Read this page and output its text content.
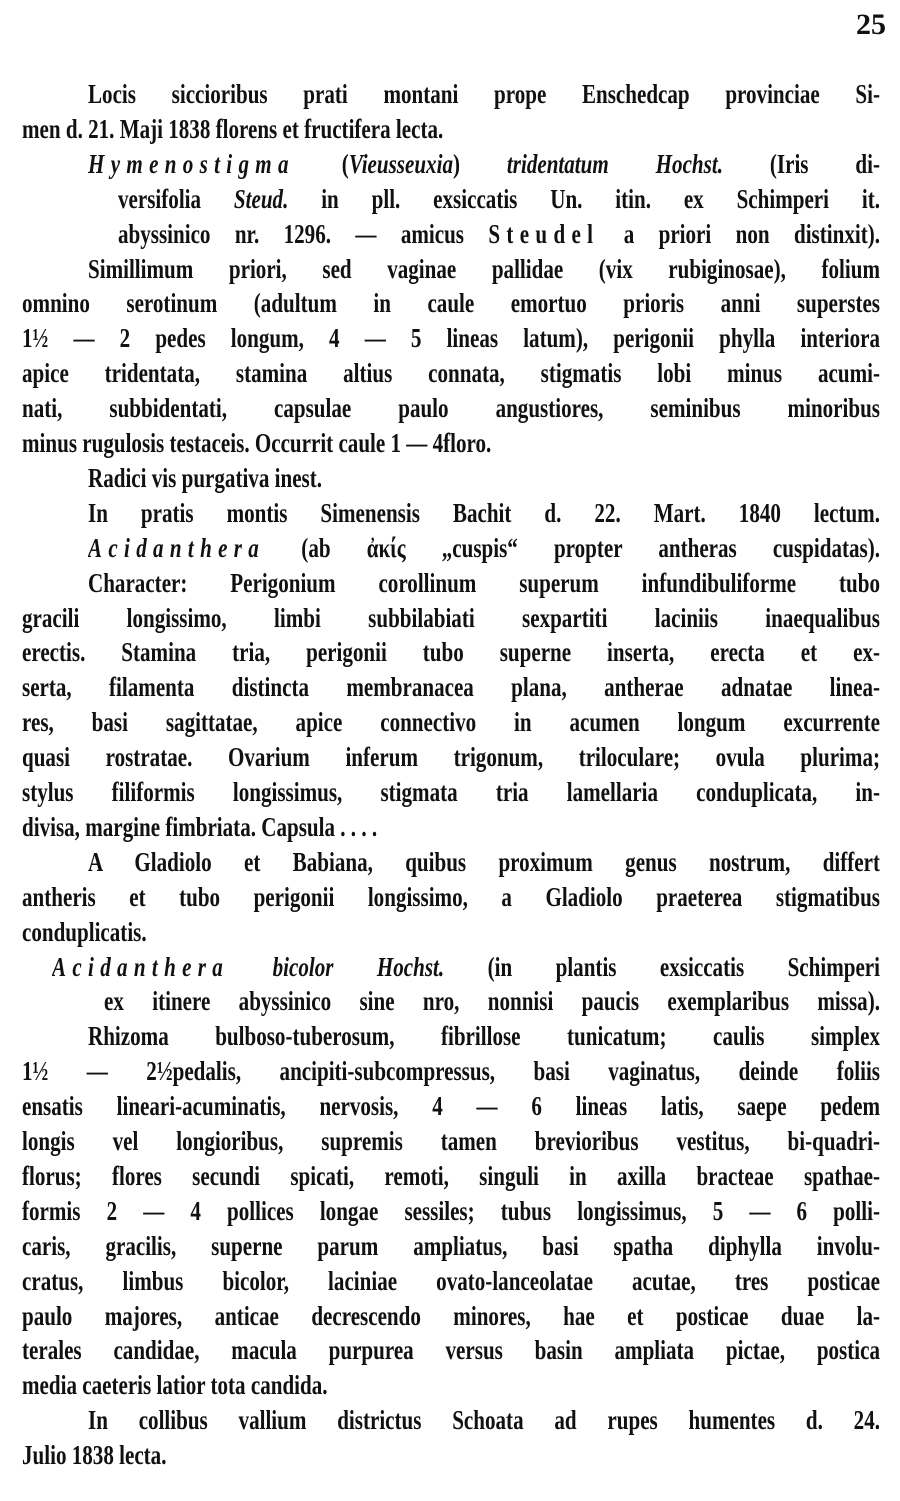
25
Locis siccioribus prati montani prope Enschedcap provinciae Si-
men d. 21. Maji 1838 florens et fructifera lecta.
Hymenostigma (Vieusseuxia) tridentatum Hochst. (Iris di-
versifolia Steud. in pll. exsiccatis Un. itin. ex Schimperi it.
abyssinico nr. 1296. — amicus Steudel a priori non distinxit).
Simillimum priori, sed vaginae pallidae (vix rubiginosae), folium
omnino serotinum (adultum in caule emortuo prioris anni superstes
1½ — 2 pedes longum, 4 — 5 lineas latum), perigonii phylla interiora
apice tridentata, stamina altius connata, stigmatis lobi minus acumi-
nati, subbidentati, capsulae paulo angustiores, seminibus minoribus
minus rugulosis testaceis. Occurrit caule 1 — 4floro.
Radici vis purgativa inest.
In pratis montis Simenensis Bachit d. 22. Mart. 1840 lectum.
Acidanthera (ab ἀκίς „cuspis“ propter antheras cuspidatas).
Character: Perigonium corollinum superum infundibuliforme tubo
gracili longissimo, limbi subbilabiati sexpartiti laciniis inaequalibus
erectis. Stamina tria, perigonii tubo superne inserta, erecta et ex-
serta, filamenta distincta membranacea plana, antherae adnatae linea-
res, basi sagittatae, apice connectivo in acumen longum excurrente
quasi rostratae. Ovarium inferum trigonum, triloculare; ovula plurima;
stylus filiformis longissimus, stigmata tria lamellaria conduplicata, in-
divisa, margine fimbriata. Capsula . . . .
A Gladiolo et Babiana, quibus proximum genus nostrum, differt
antheris et tubo perigonii longissimo, a Gladiolo praeterea stigmatibus
conduplicatis.
Acidanthera bicolor Hochst. (in plantis exsiccatis Schimperi
ex itinere abyssinico sine nro, nonnisi paucis exemplaribus missa).
Rhizoma bulboso-tuberosum, fibrillose tunicatum; caulis simplex
1½ — 2½pedalis, ancipiti-subcompressus, basi vaginatus, deinde foliis
ensatis lineari-acuminatis, nervosis, 4 — 6 lineas latis, saepe pedem
longis vel longioribus, supremis tamen brevioribus vestitus, bi-quadri-
florus; flores secundi spicati, remoti, singuli in axilla bracteae spathae-
formis 2 — 4 pollices longae sessiles; tubus longissimus, 5 — 6 polli-
caris, gracilis, superne parum ampliatus, basi spatha diphylla involu-
cratus, limbus bicolor, laciniae ovato-lanceolatae acutae, tres posticae
paulo majores, anticae decrescendo minores, hae et posticae duae la-
terales candidae, macula purpurea versus basin ampliata pictae, postica
media caeteris latior tota candida.
In collibus vallium districtus Schoata ad rupes humentes d. 24.
Julio 1838 lecta.
